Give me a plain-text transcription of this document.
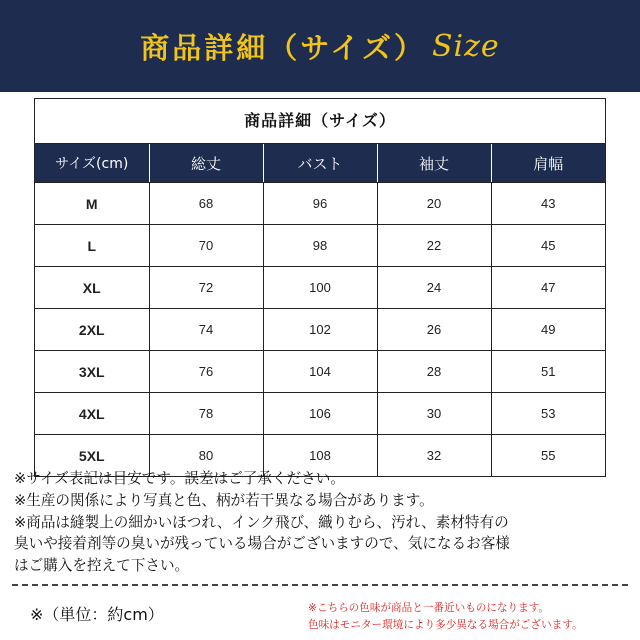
商品詳細（サイズ） Size
商品詳細（サイズ）
サイズ(cm)	総丈	バスト	袖丈	肩幅
M	68	96	20	43
L	70	98	22	45
XL	72	100	24	47
2XL	74	102	26	49
3XL	76	104	28	51
4XL	78	106	30	53
5XL	80	108	32	55
※サイズ表記は目安です。誤差はご了承ください。
※生産の関係により写真と色、柄が若干異なる場合があります。
※商品は縫製上の細かいほつれ、インク飛び、織りむら、汚れ、素材特有の
臭いや接着剤等の臭いが残っている場合がございますので、気になるお客様
はご購入を控えて下さい。
※（単位：約cm）	※こちらの色味が商品と一番近いものになります。
色味はモニター環境により多少異なる場合がございます。
